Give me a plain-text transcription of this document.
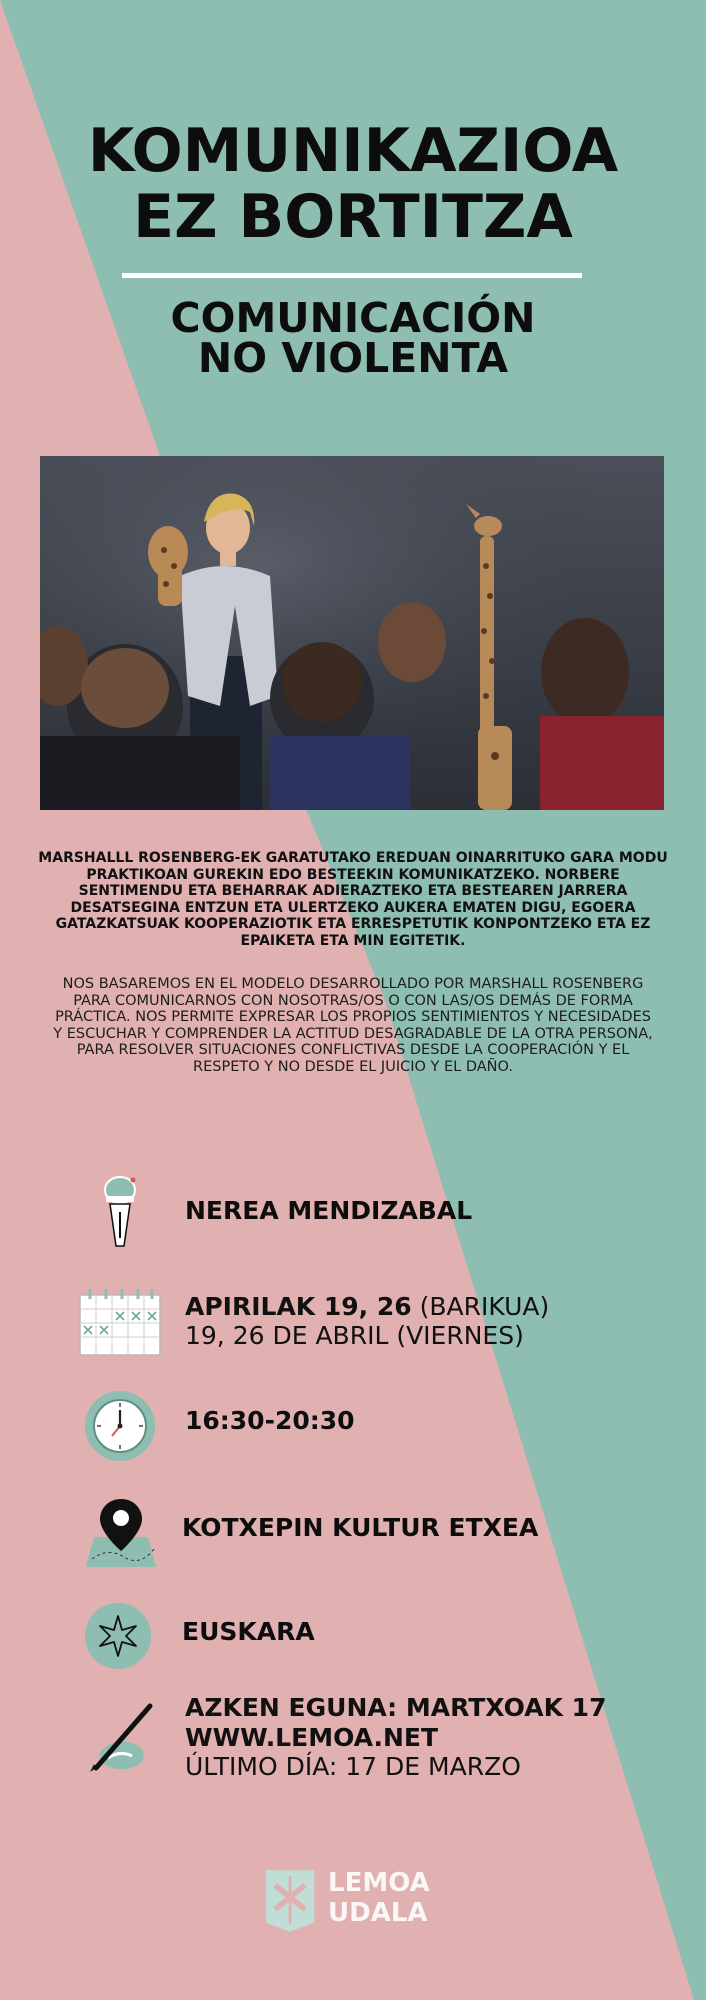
KOMUNIKAZIOA
EZ BORTITZA
COMUNICACIÓN
NO VIOLENTA
MARSHALLL ROSENBERG-EK GARATUTAKO EREDUAN OINARRITUKO GARA MODU PRAKTIKOAN GUREKIN EDO BESTEEKIN KOMUNIKATZEKO. NORBERE SENTIMENDU ETA BEHARRAK ADIERAZTEKO ETA BESTEAREN JARRERA DESATSEGINA ENTZUN ETA ULERTZEKO AUKERA EMATEN DIGU, EGOERA GATAZKATSUAK KOOPERAZIOTIK ETA ERRESPETUTIK KONPONTZEKO ETA EZ EPAIKETA ETA MIN EGITETIK.
NOS BASAREMOS EN EL MODELO DESARROLLADO POR MARSHALL ROSENBERG PARA COMUNICARNOS CON NOSOTRAS/OS O CON LAS/OS DEMÁS DE FORMA PRÁCTICA. NOS PERMITE EXPRESAR LOS PROPIOS SENTIMIENTOS Y NECESIDADES Y ESCUCHAR Y COMPRENDER LA ACTITUD DESAGRADABLE DE LA OTRA PERSONA, PARA RESOLVER SITUACIONES CONFLICTIVAS DESDE LA COOPERACIÓN Y EL RESPETO Y NO DESDE EL JUICIO Y EL DAÑO.
NEREA MENDIZABAL
APIRILAK 19, 26 (BARIKUA)
19, 26 DE ABRIL (VIERNES)
16:30-20:30
KOTXEPIN KULTUR ETXEA
EUSKARA
AZKEN EGUNA: MARTXOAK 17
WWW.LEMOA.NET
ÚLTIMO DÍA: 17 DE MARZO
LEMOA
UDALA
